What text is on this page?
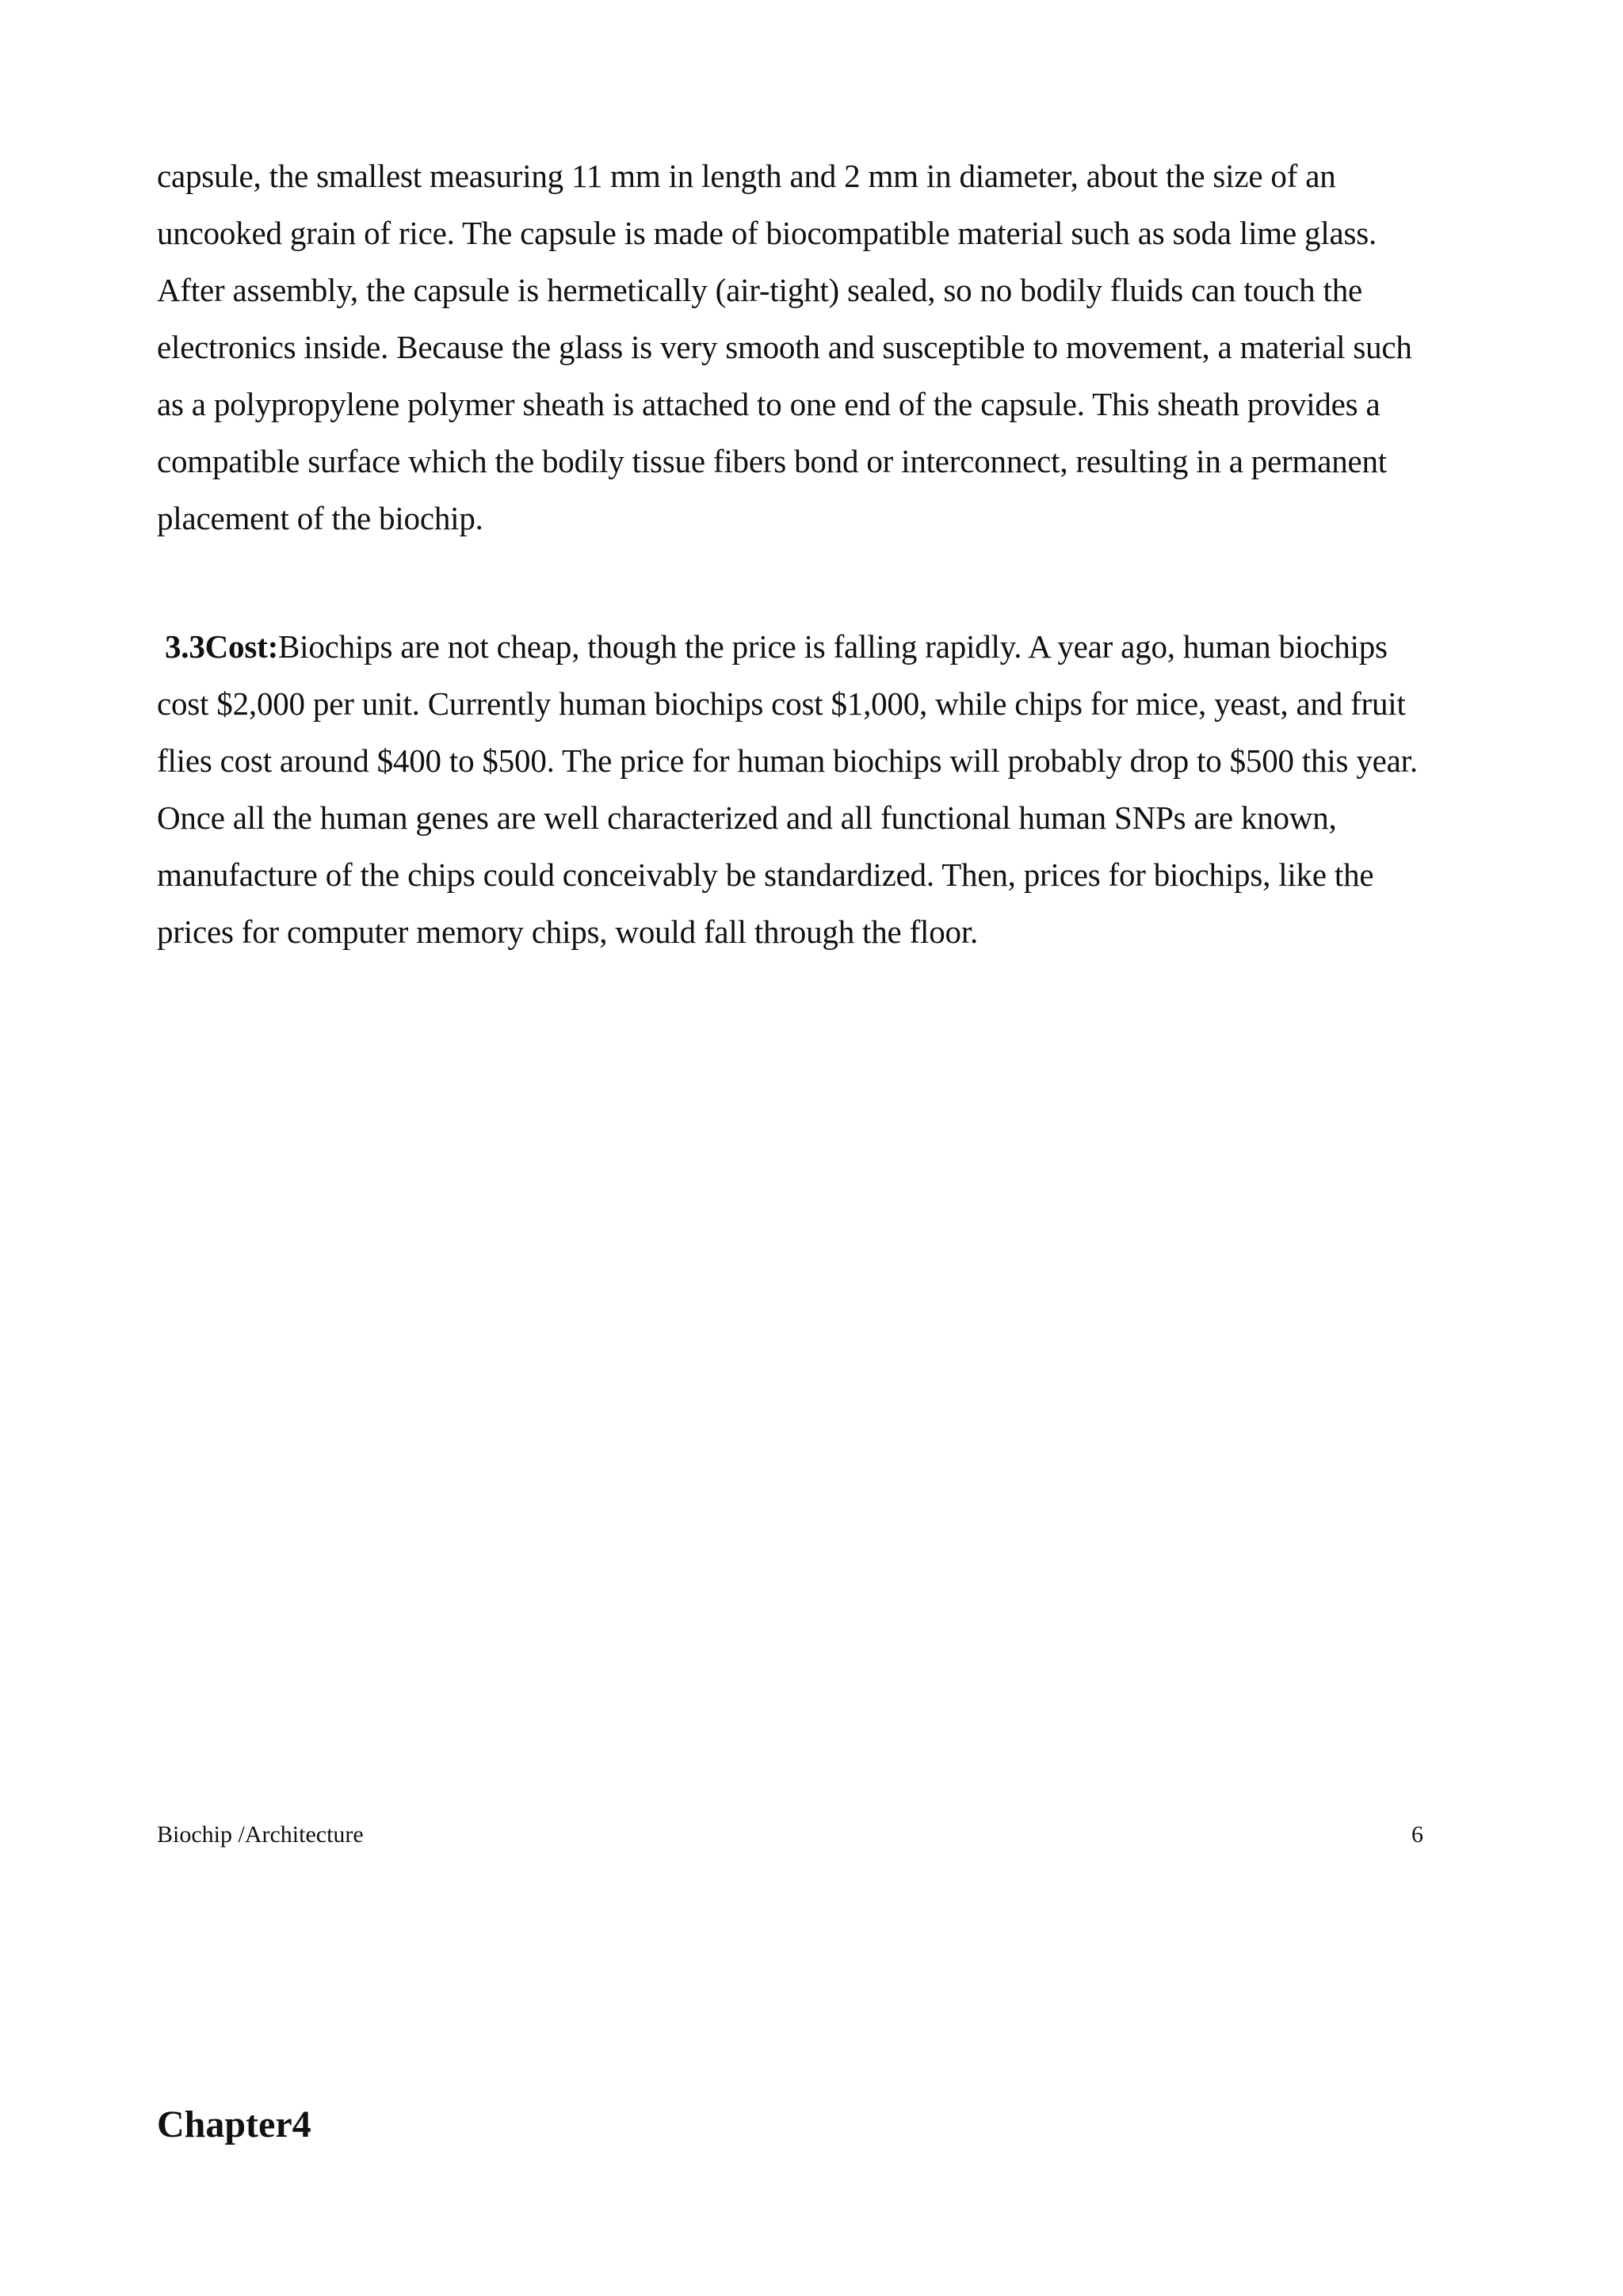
capsule, the smallest measuring 11 mm in length and 2 mm in diameter, about the size of an
uncooked grain of rice. The capsule is made of biocompatible material such as soda lime glass.
After assembly, the capsule is hermetically (air-tight) sealed, so no bodily fluids can touch the
electronics inside. Because the glass is very smooth and susceptible to movement, a material such
as a polypropylene polymer sheath is attached to one end of the capsule. This sheath provides a
compatible surface which the bodily tissue fibers bond or interconnect, resulting in a permanent
placement of the biochip.
3.3Cost:Biochips are not cheap, though the price is falling rapidly. A year ago, human biochips
cost $2,000 per unit. Currently human biochips cost $1,000, while chips for mice, yeast, and fruit
flies cost around $400 to $500. The price for human biochips will probably drop to $500 this year.
Once all the human genes are well characterized and all functional human SNPs are known,
manufacture of the chips could conceivably be standardized. Then, prices for biochips, like the
prices for computer memory chips, would fall through the floor.
Biochip /Architecture	6
Chapter4
